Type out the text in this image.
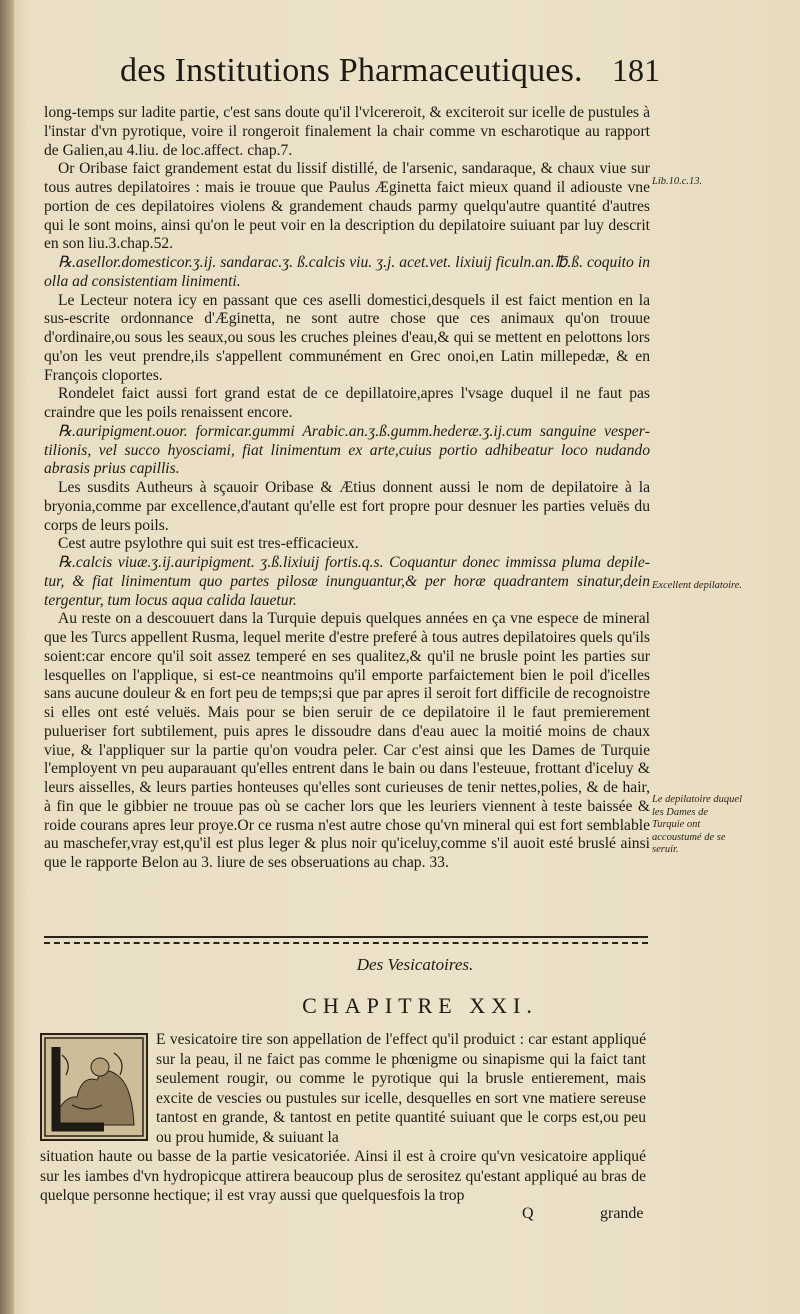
des Institutions Pharmaceutiques. 181

long-temps sur ladite partie, c'est sans doute qu'il l'vlcereroit, & exciteroit sur icelle de pustules à l'instar d'vn pyrotique, voire il rongeroit finalement la chair comme vn escharotique au rapport de Galien,au 4.liu. de loc.affect. chap.7.

Or Oribase faict grandement estat du lissif distillé, de l'arsenic, sandaraque, & chaux viue sur tous autres depilatoires : mais ie trouue que Paulus Æginetta faict mieux quand il adiouste vne portion de ces depilatoires violens & grandement chauds parmy quelqu'autre quantité d'autres qui le sont moins, ainsi qu'on le peut voir en la description du depilatoire suiuant par luy descrit en son liu.3.chap.52.

℞.asellor.domesticor.ʒ.ij. sandarac.ʒ. ß.calcis viu. ʒ.j. acet.vet. lixiuij ficuln.an.℔.ß. coquito in olla ad consistentiam linimenti.

Le Lecteur notera icy en passant que ces aselli domestici,desquels il est faict mention en la sus-escrite ordonnance d'Æginetta, ne sont autre chose que ces animaux qu'on trouue d'ordinaire,ou sous les seaux,ou sous les cruches pleines d'eau,& qui se mettent en pelottons lors qu'on les veut prendre,ils s'appellent communément en Grec onoi,en Latin millepedæ, & en François cloportes.

Rondelet faict aussi fort grand estat de ce depillatoire,apres l'vsage duquel il ne faut pas craindre que les poils renaissent encore.

℞.auripigment.ouor. formicar.gummi Arabic.an.ʒ.ß.gumm.hederæ.ʒ.ij.cum sanguine vespertilionis, vel succo hyosciami, fiat linimentum ex arte,cuius portio adhibeatur loco nudando abrasis prius capillis.

Les susdits Autheurs à sçauoir Oribase & Ætius donnent aussi le nom de depilatoire à la bryonia,comme par excellence,d'autant qu'elle est fort propre pour desnuer les parties veluës du corps de leurs poils.

Cest autre psylothre qui suit est tres-efficacieux.

℞.calcis viuæ.ʒ.ij.auripigment. ʒ.ß.lixiuij fortis.q.s. Coquantur donec immissa pluma depiletur, & fiat linimentum quo partes pilosæ inunguantur,& per horæ quadrantem sinatur,dein tergentur, tum locus aqua calida lauetur.

Au reste on a descouuert dans la Turquie depuis quelques années en ça vne espece de mineral que les Turcs appellent Rusma, lequel merite d'estre preferé à tous autres depilatoires quels qu'ils soient:car encore qu'il soit assez temperé en ses qualitez,& qu'il ne brusle point les parties sur lesquelles on l'applique, si est-ce neantmoins qu'il emporte parfaictement bien le poil d'icelles sans aucune douleur & en fort peu de temps;si que par apres il seroit fort difficile de recognoistre si elles ont esté veluës. Mais pour se bien seruir de ce depilatoire il le faut premierement pulueriser fort subtilement, puis apres le dissoudre dans d'eau auec la moitié moins de chaux viue, & l'appliquer sur la partie qu'on voudra peler. Car c'est ainsi que les Dames de Turquie l'employent vn peu auparauant qu'elles entrent dans le bain ou dans l'esteuue, frottant d'iceluy & leurs aisselles, & leurs parties honteuses qu'elles sont curieuses de tenir nettes,polies, & de hair, à fin que le gibbier ne trouue pas où se cacher lors que les leuriers viennent à teste baissée & roide courans apres leur proye.Or ce rusma n'est autre chose qu'vn mineral qui est fort semblable au maschefer,vray est,qu'il est plus leger & plus noir qu'iceluy,comme s'il auoit esté bruslé ainsi que le rapporte Belon au 3. liure de ses obseruations au chap. 33.

Lib.10.c.13.
Excellent depilatoire.
Le depilatoire duquel les Dames de Turquie ont accoustumé de se seruir.
Des Vesicatoires.
CHAPITRE XXI.
E vesicatoire tire son appellation de l'effect qu'il produict : car estant appliqué sur la peau, il ne faict pas comme le phœnigme ou sinapisme qui la faict tant seulement rougir, ou comme le pyrotique qui la brusle entierement, mais excite de vescies ou pustules sur icelle, desquelles en sort vne matiere sereuse tantost en grande, & tantost en petite quantité suiuant que le corps est,ou peu ou prou humide, & suiuant la
situation haute ou basse de la partie vesicatoriée. Ainsi il est à croire qu'vn vesicatoire appliqué sur les iambes d'vn hydropicque attirera beaucoup plus de serositez qu'estant appliqué au bras de quelque personne hectique; il est vray aussi que quelquesfois la trop
Q	grande
